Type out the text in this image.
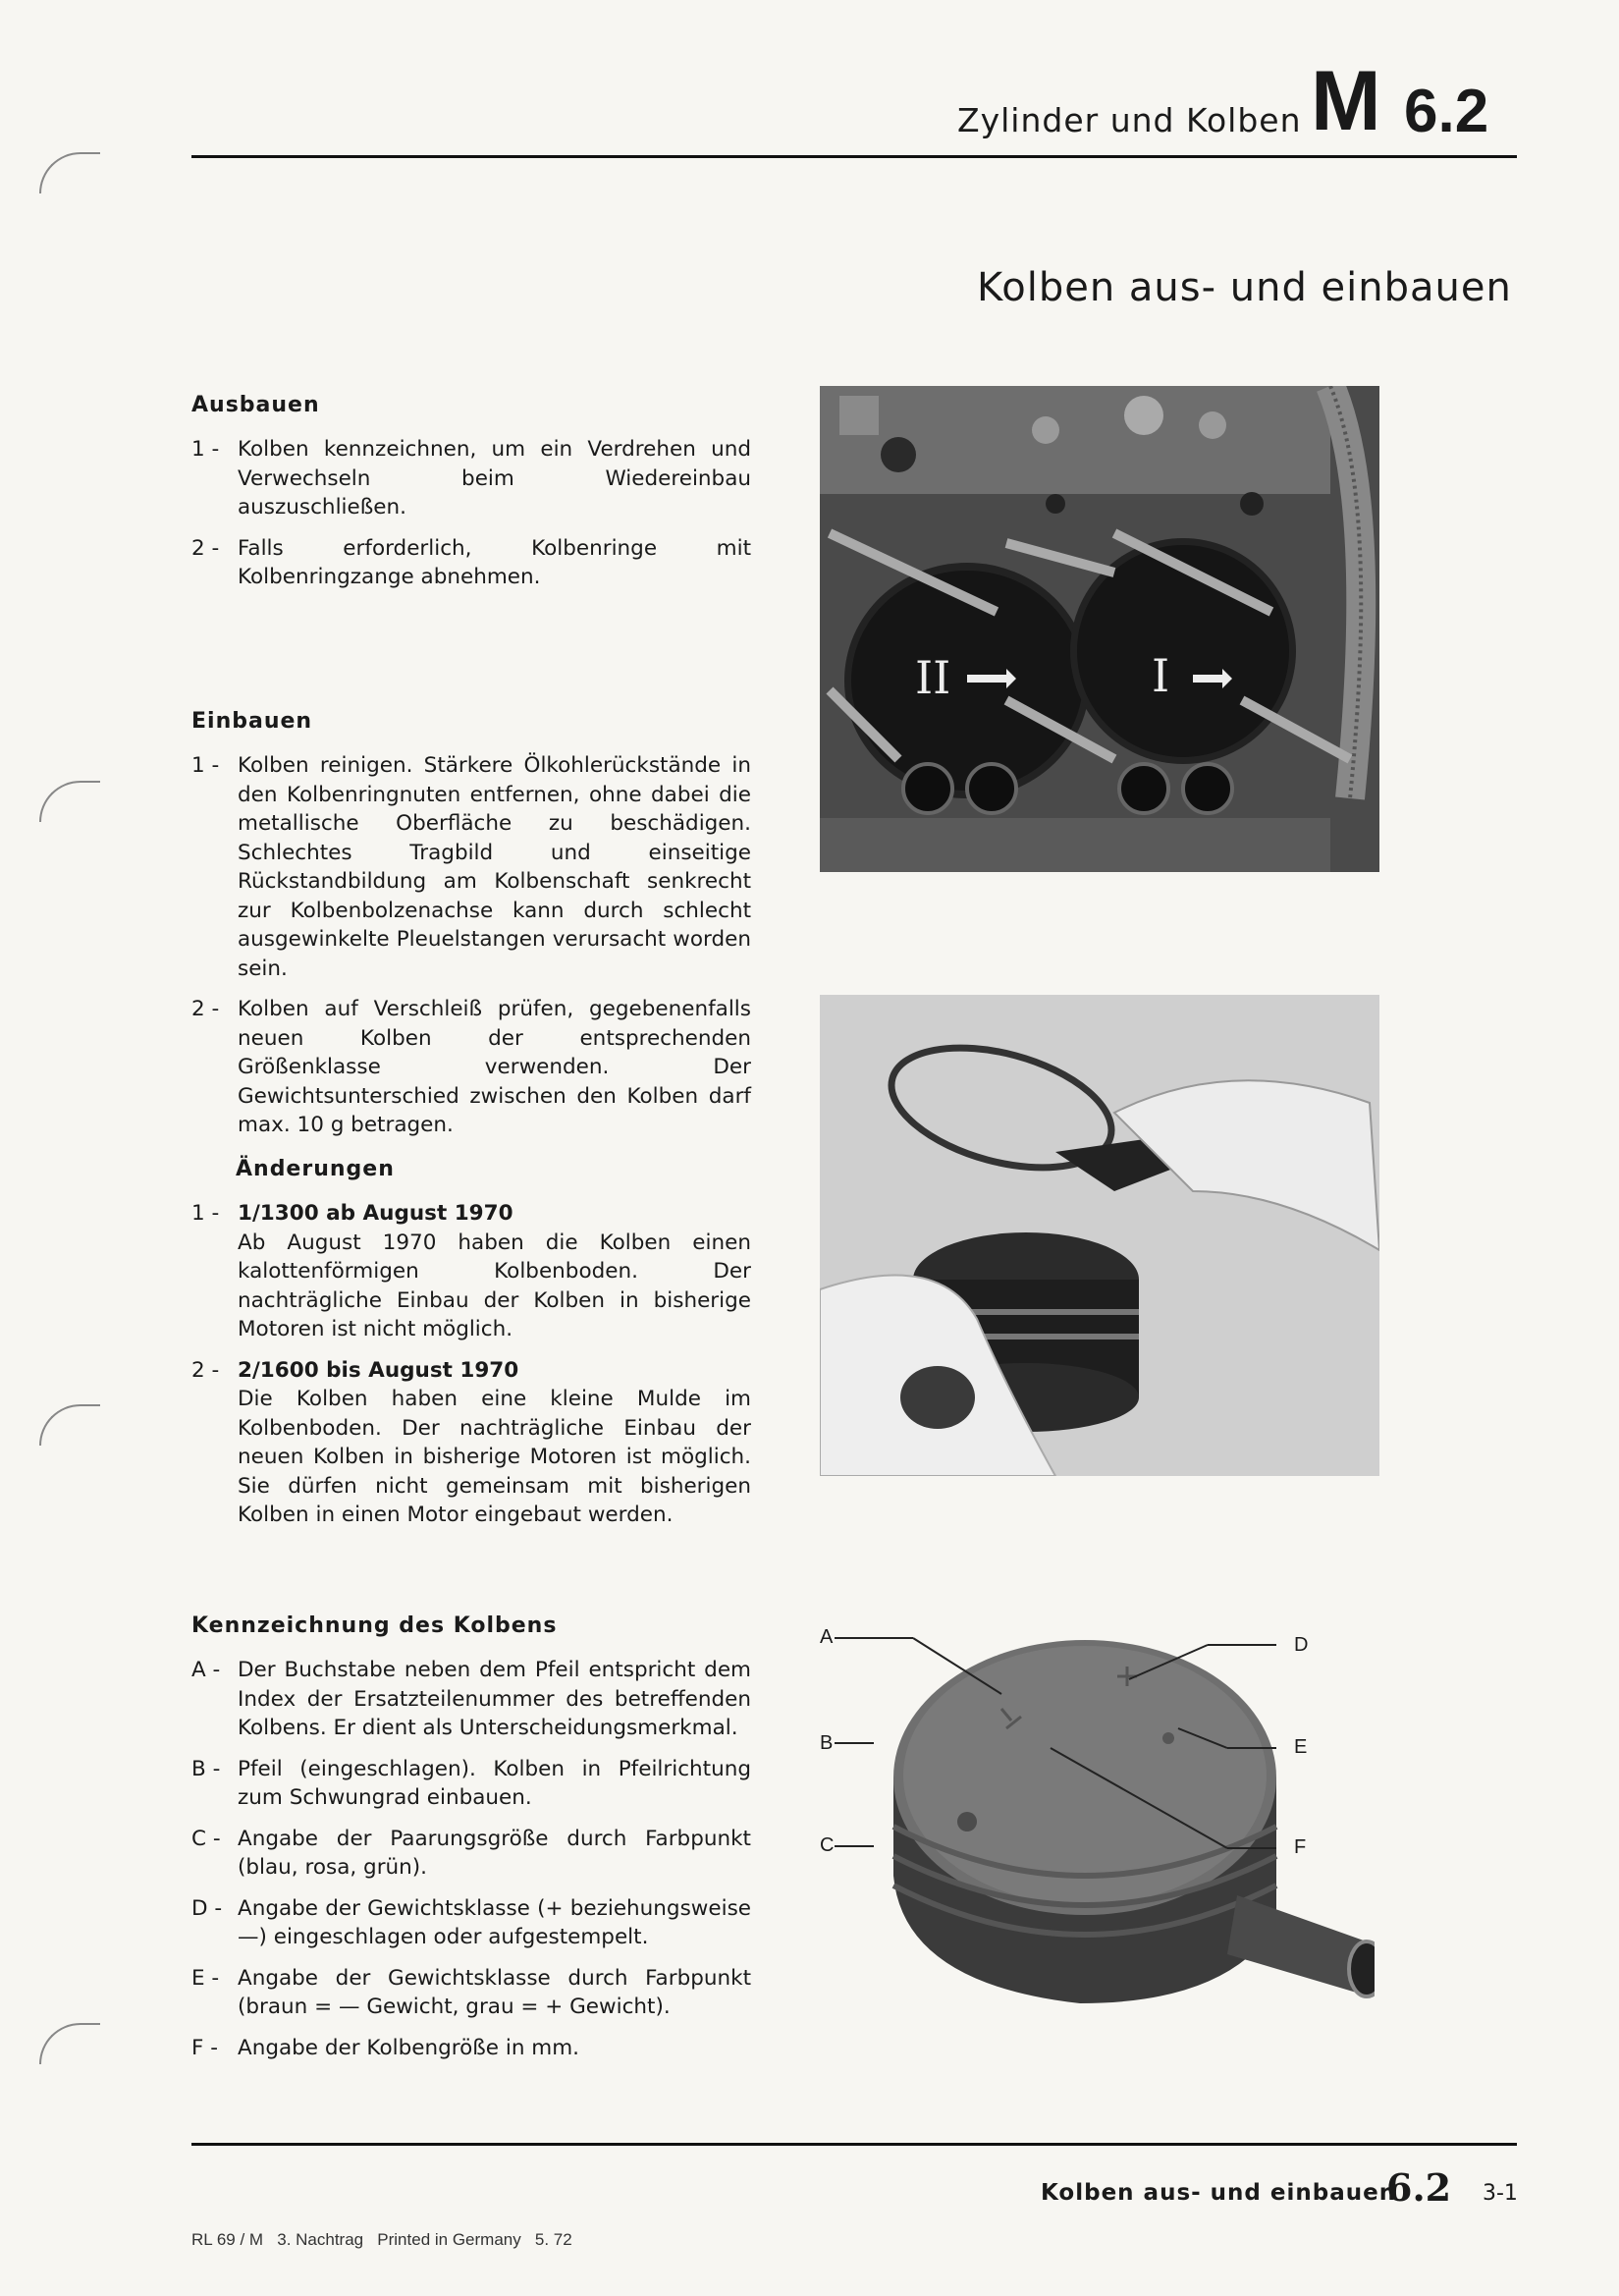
Zylinder und Kolben M 6.2
Kolben aus- und einbauen
Ausbauen
1 - Kolben kennzeichnen, um ein Verdrehen und Verwechseln beim Wiedereinbau auszuschließen.
2 - Falls erforderlich, Kolbenringe mit Kolbenringzange abnehmen.
Einbauen
1 - Kolben reinigen. Stärkere Ölkohlerückstände in den Kolbenringnuten entfernen, ohne dabei die metallische Oberfläche zu beschädigen. Schlechtes Tragbild und einseitige Rückstandbildung am Kolbenschaft senkrecht zur Kolbenbolzenachse kann durch schlecht ausgewinkelte Pleuelstangen verursacht worden sein.
2 - Kolben auf Verschleiß prüfen, gegebenenfalls neuen Kolben der entsprechenden Größenklasse verwenden. Der Gewichtsunterschied zwischen den Kolben darf max. 10 g betragen.
Änderungen
1 - 1/1300 ab August 1970
Ab August 1970 haben die Kolben einen kalottenförmigen Kolbenboden. Der nachträgliche Einbau der Kolben in bisherige Motoren ist nicht möglich.
2 - 2/1600 bis August 1970
Die Kolben haben eine kleine Mulde im Kolbenboden. Der nachträgliche Einbau der neuen Kolben in bisherige Motoren ist möglich. Sie dürfen nicht gemeinsam mit bisherigen Kolben in einen Motor eingebaut werden.
Kennzeichnung des Kolbens
A - Der Buchstabe neben dem Pfeil entspricht dem Index der Ersatzteilenummer des betreffenden Kolbens. Er dient als Unterscheidungsmerkmal.
B - Pfeil (eingeschlagen). Kolben in Pfeilrichtung zum Schwungrad einbauen.
C - Angabe der Paarungsgröße durch Farbpunkt (blau, rosa, grün).
D - Angabe der Gewichtsklasse (+ beziehungsweise —) eingeschlagen oder aufgestempelt.
E - Angabe der Gewichtsklasse durch Farbpunkt (braun = — Gewicht, grau = + Gewicht).
F - Angabe der Kolbengröße in mm.
II	I
A
B
C
D
E
F
Kolben aus- und einbauen
6.2 3-1
RL 69 / M   3. Nachtrag   Printed in Germany   5. 72
